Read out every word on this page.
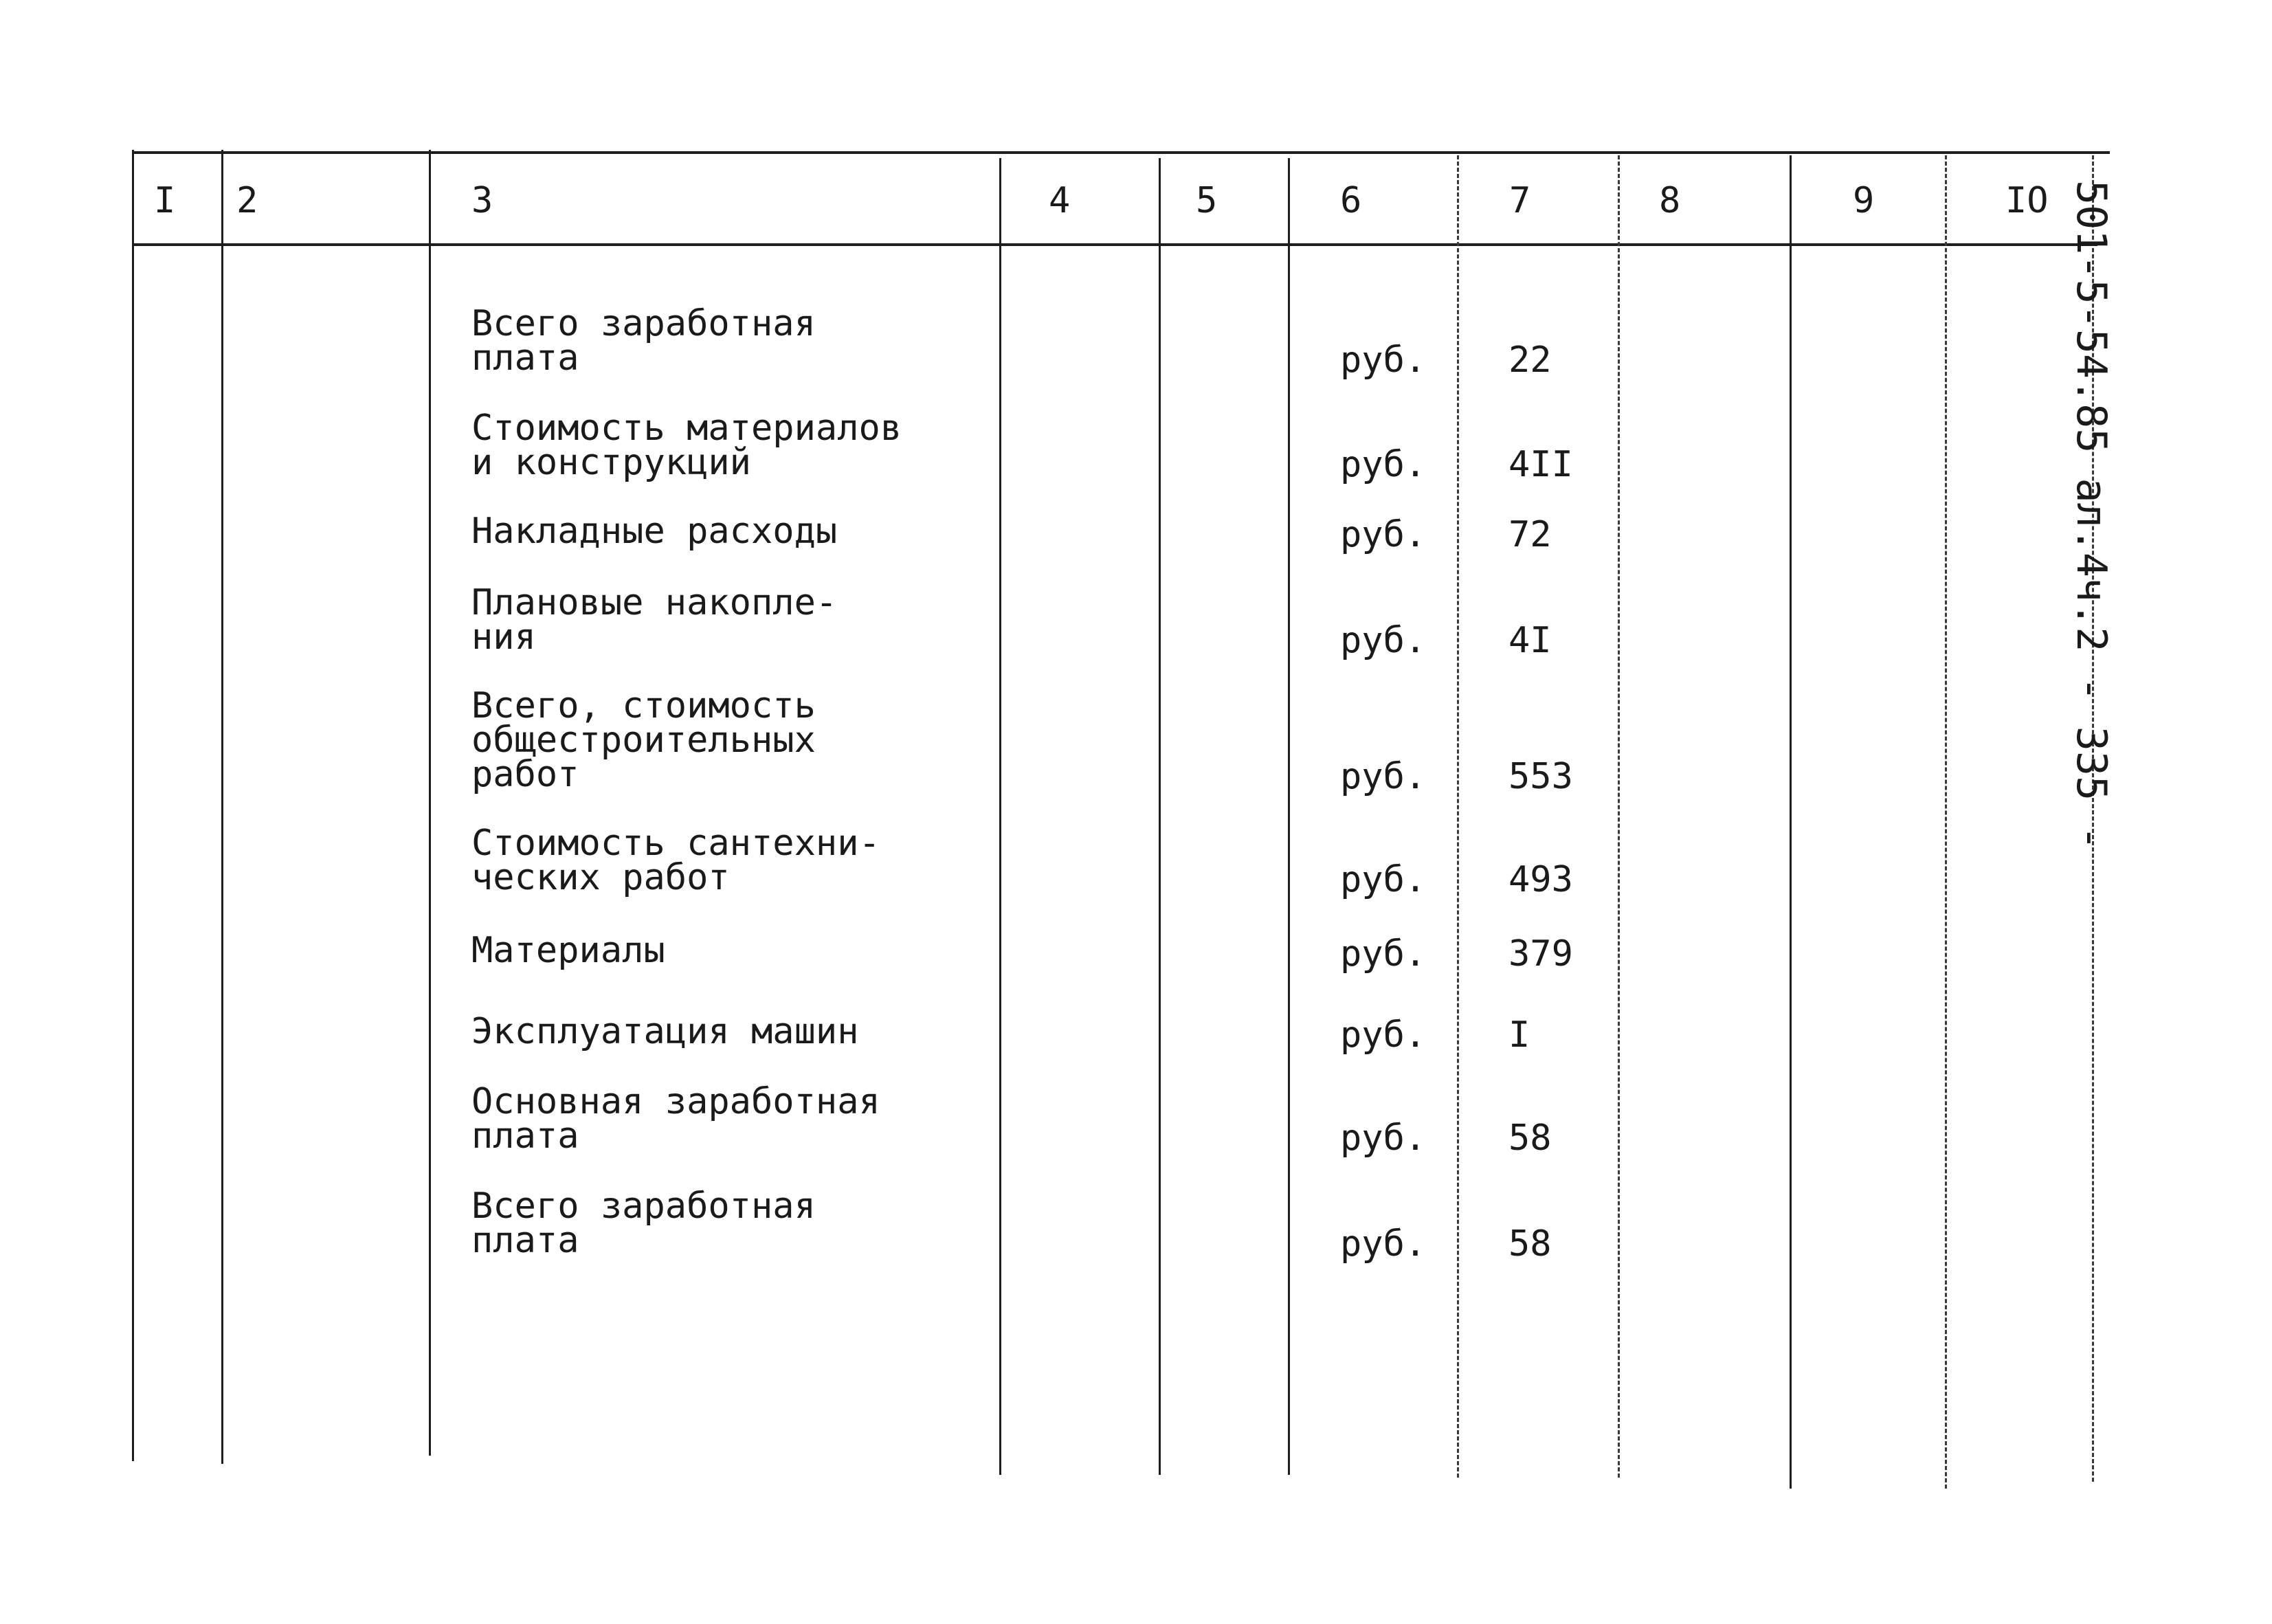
I 2	3	4	5	6	7	8	9	IO
Всего заработная
плата	руб. 22
Стоимость материалов
и конструкций	руб. 4II
Накладные расходы	руб. 72
Плановые накопле-
ния	руб. 4I
Всего, стоимость
общестроительных
работ	руб. 553
Стоимость сантехни-
ческих работ	руб. 493
Материалы	руб. 379
Эксплуатация машин	руб. I
Основная заработная
плата	руб. 58
Всего заработная
плата	руб. 58
501-5-54.85 ал.4ч.2 - 335 -
